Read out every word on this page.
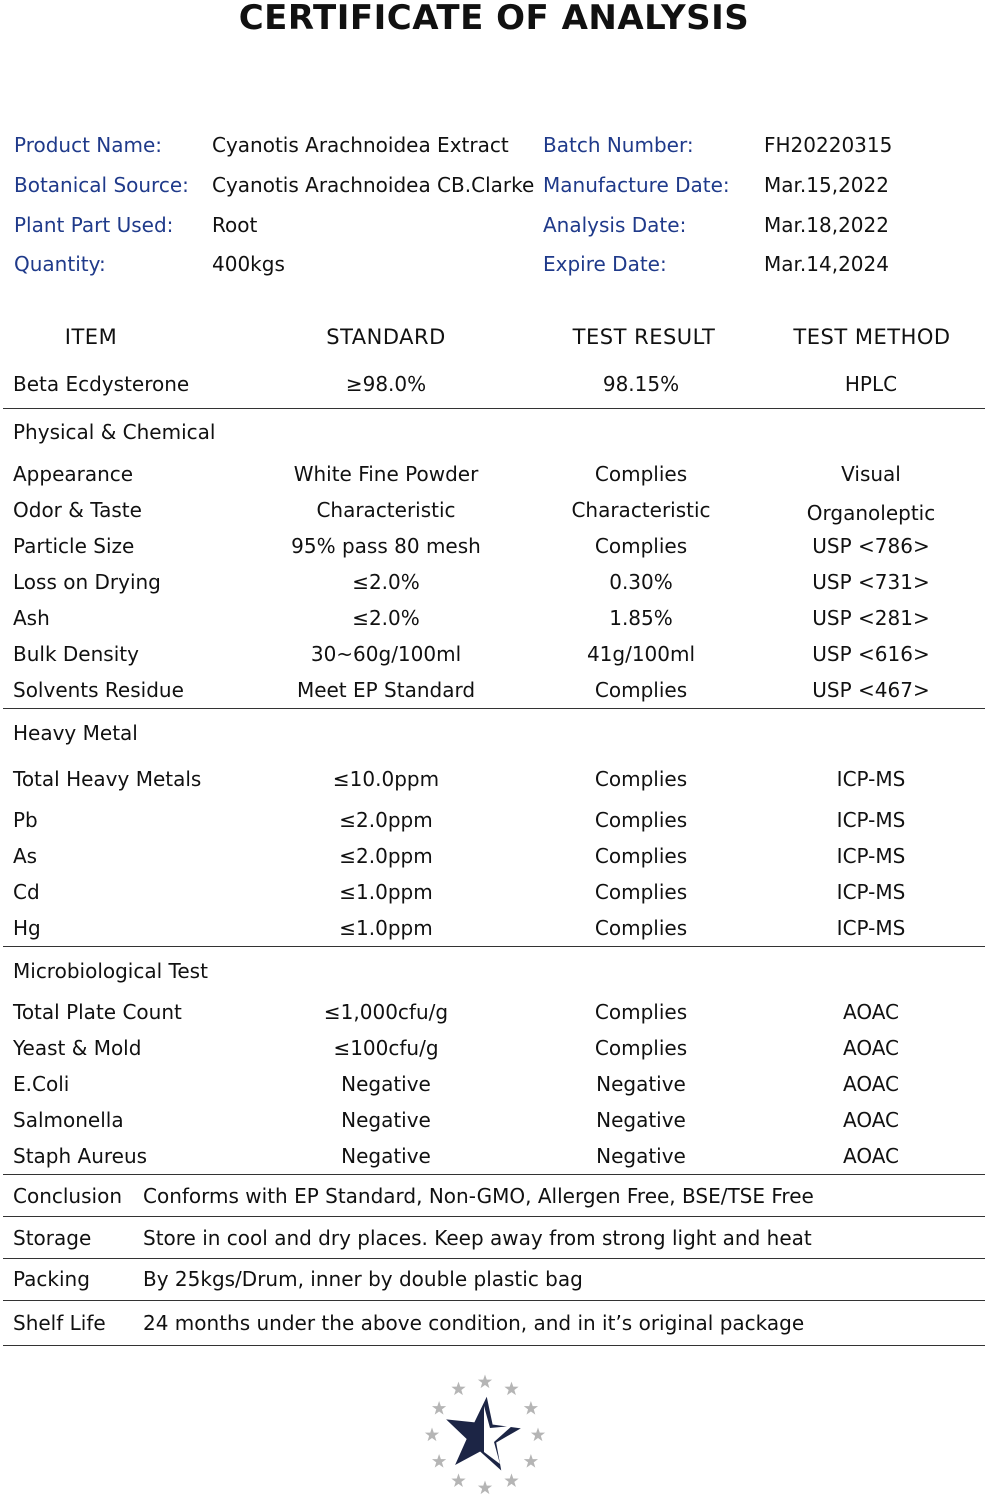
CERTIFICATE OF ANALYSIS
Product Name: Cyanotis Arachnoidea Extract Batch Number:	FH20220315
Botanical Source: Cyanotis Arachnoidea CB.Clarke Manufacture Date: Mar.15,2022
Plant Part Used: Root	Analysis Date:	Mar.18,2022
Quantity:	400kgs	Expire Date:	Mar.14,2024
ITEM	STANDARD	TEST RESULT	TEST METHOD
Beta Ecdysterone	≥98.0%	98.15%	HPLC
Physical & Chemical
Appearance	White Fine Powder	Complies	Visual
Odor & Taste	Characteristic	Characteristic	Organoleptic
Particle Size	95% pass 80 mesh	Complies	USP <786>
Loss on Drying	≤2.0%	0.30%	USP <731>
Ash	≤2.0%	1.85%	USP <281>
Bulk Density	30~60g/100ml	41g/100ml	USP <616>
Solvents Residue	Meet EP Standard	Complies	USP <467>
Heavy Metal
Total Heavy Metals	≤10.0ppm	Complies	ICP-MS
Pb	≤2.0ppm	Complies	ICP-MS
As	≤2.0ppm	Complies	ICP-MS
Cd	≤1.0ppm	Complies	ICP-MS
Hg	≤1.0ppm	Complies	ICP-MS
Microbiological Test
Total Plate Count	≤1,000cfu/g	Complies	AOAC
Yeast & Mold	≤100cfu/g	Complies	AOAC
E.Coli	Negative	Negative	AOAC
Salmonella	Negative	Negative	AOAC
Staph Aureus	Negative	Negative	AOAC
Conclusion Conforms with EP Standard, Non-GMO, Allergen Free, BSE/TSE Free
Storage	Store in cool and dry places. Keep away from strong light and heat
Packing	By 25kgs/Drum, inner by double plastic bag
Shelf Life 24 months under the above condition, and in it’s original package
